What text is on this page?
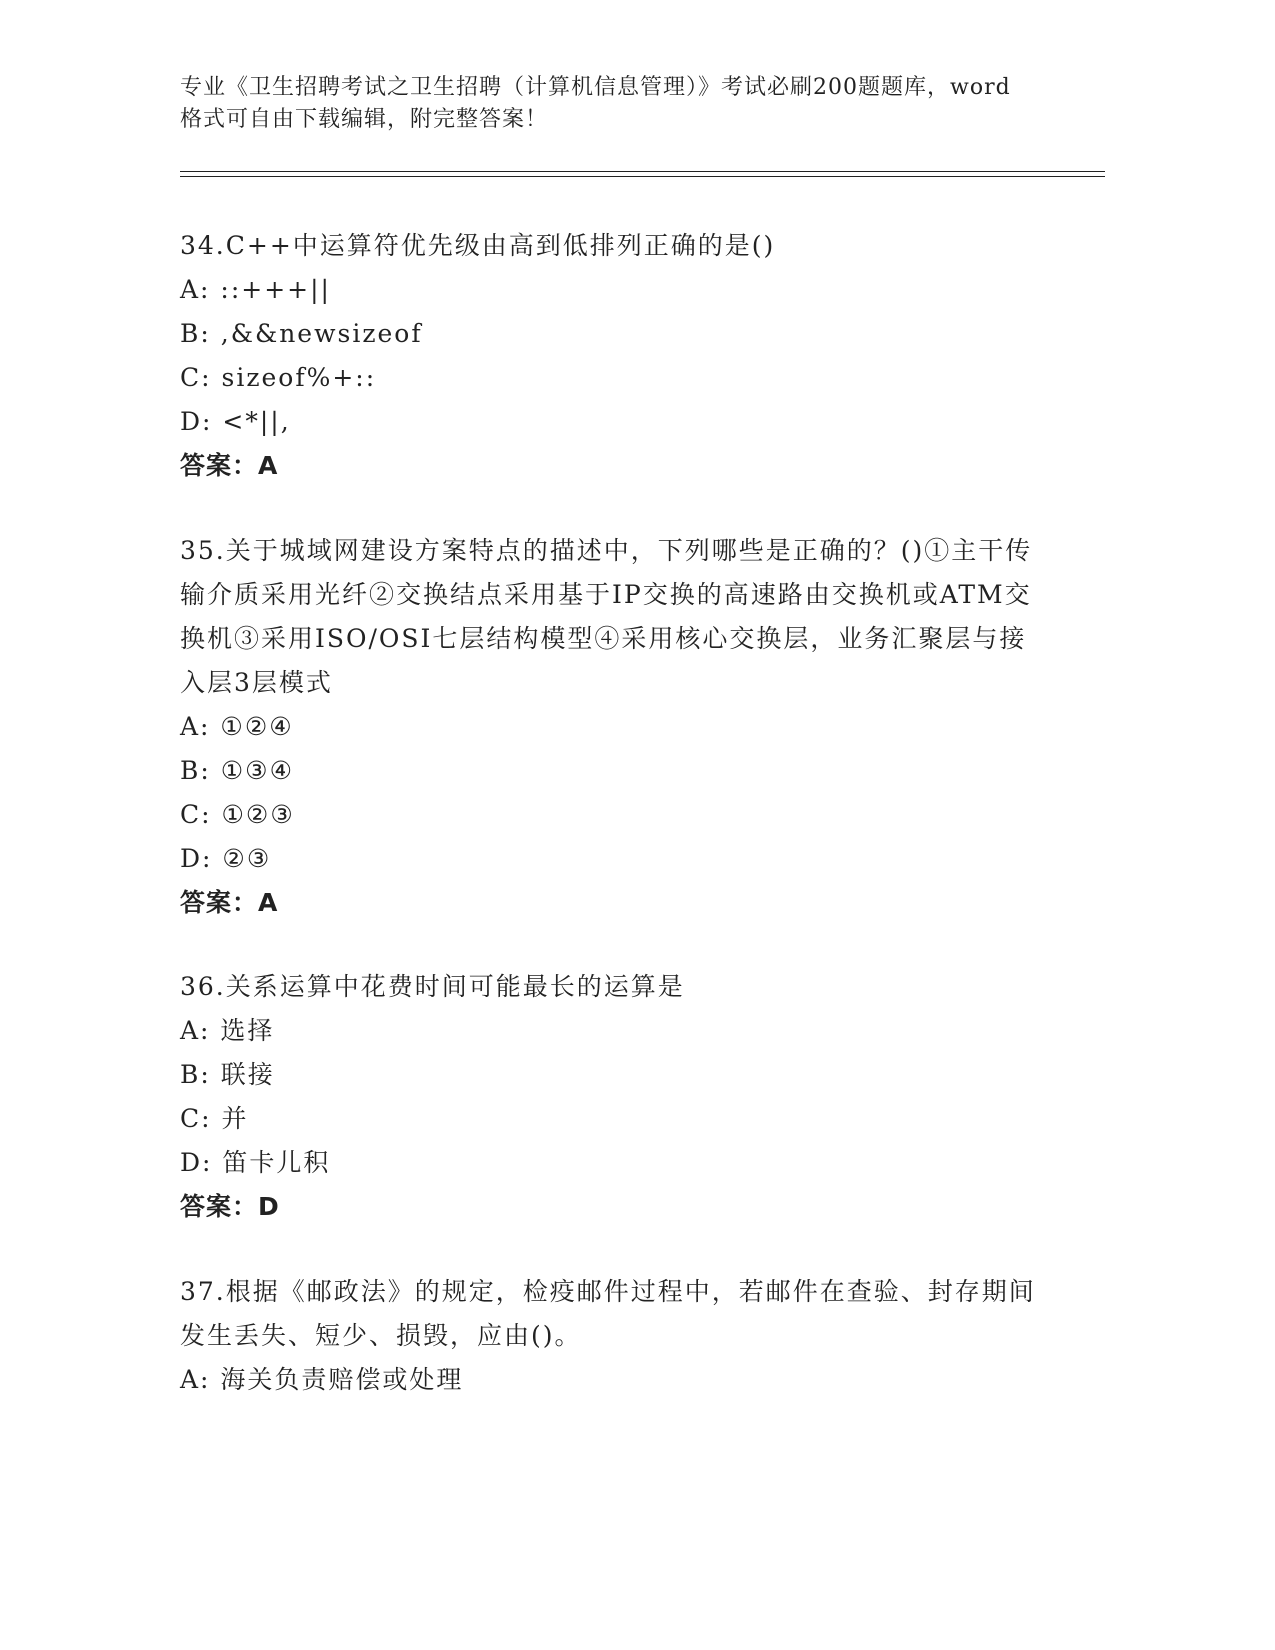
专业《卫生招聘考试之卫生招聘（计算机信息管理）》考试必刷200题题库，word

格式可自由下载编辑，附完整答案！

34.C++中运算符优先级由高到低排列正确的是()

A: ::+++||

B: ,&&newsizeof

C: sizeof%+::

D: <*||,

答案：A

35.关于城域网建设方案特点的描述中，下列哪些是正确的？()①主干传输介质采用光纤②交换结点采用基于IP交换的高速路由交换机或ATM交换机③采用ISO/OSI七层结构模型④采用核心交换层，业务汇聚层与接入层3层模式

A: ①②④

B: ①③④

C: ①②③

D: ②③

答案：A

36.关系运算中花费时间可能最长的运算是

A: 选择

B: 联接

C: 并

D: 笛卡儿积

答案：D

37.根据《邮政法》的规定，检疫邮件过程中，若邮件在查验、封存期间发生丢失、短少、损毁，应由()。

A: 海关负责赔偿或处理
